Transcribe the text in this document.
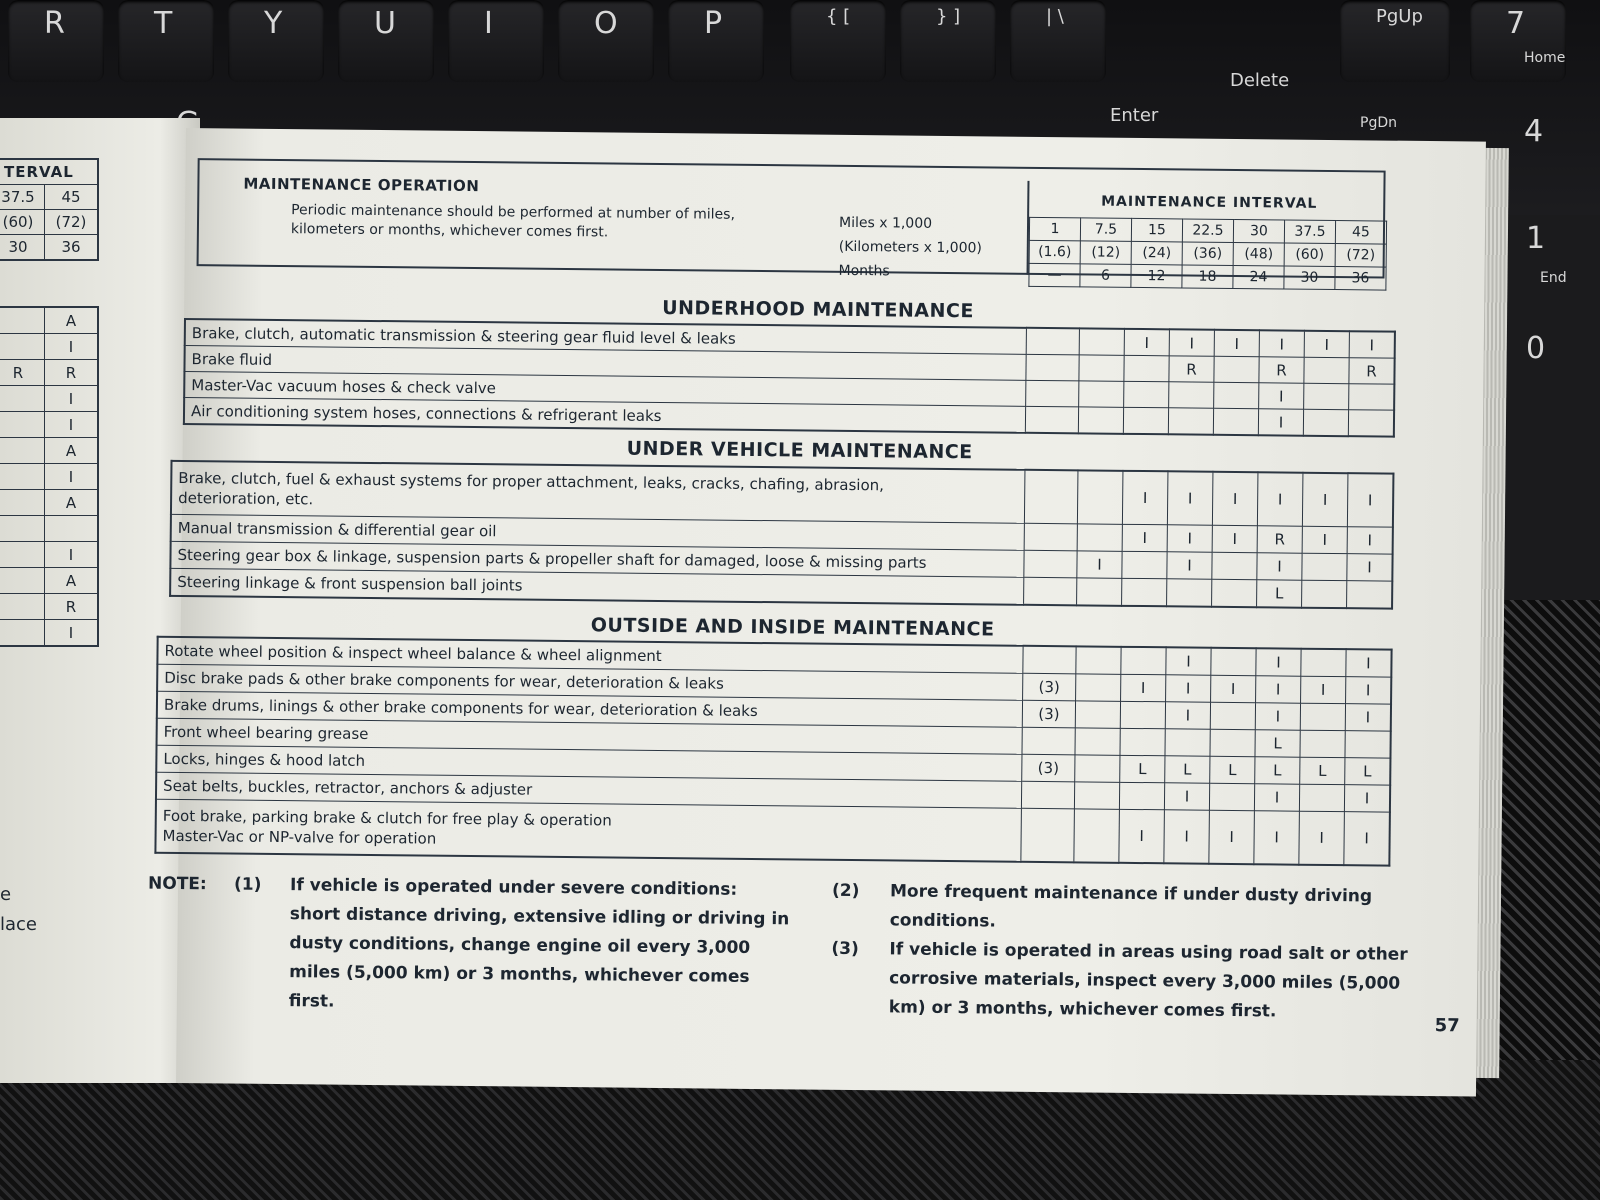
R	T	Y	U	I	O	P	{ [	} ]	| \	PgUp	7
Home
Delete
Enter	PgDn	4
1
End
0
TERVAL	
37.5	45
(60)	(72)
30	36
	A
	I
R	R
	I
	I
	A
	I
	A

	I
	A
	R
	I
e
lace
MAINTENANCE OPERATION
Periodic maintenance should be performed at number of miles, kilometers or months, whichever comes first.	Miles x 1,000
(Kilometers x 1,000)
Months
MAINTENANCE INTERVAL
1	7.5	15	22.5	30	37.5	45
(1.6)	(12)	(24)	(36)	(48)	(60)	(72)
—	6	12	18	24	30	36
UNDERHOOD MAINTENANCE
Brake, clutch, automatic transmission & steering gear fluid level & leaks			I	I	I	I	I	I

Brake fluid				R		R		R

Master-Vac vacuum hoses & check valve						I		

Air conditioning system hoses, connections & refrigerant leaks						I		
UNDER VEHICLE MAINTENANCE
Brake, clutch, fuel & exhaust systems for proper attachment, leaks, cracks, chafing, abrasion,
deterioration, etc.			I	I	I	I	I	I

Manual transmission & differential gear oil			I	I	I	R	I	I

Steering gear box & linkage, suspension parts & propeller shaft for damaged, loose & missing parts		I		I		I		I

Steering linkage & front suspension ball joints						L		
OUTSIDE AND INSIDE MAINTENANCE
Rotate wheel position & inspect wheel balance & wheel alignment				I		I		I

Disc brake pads & other brake components for wear, deterioration & leaks	(3)		I	I	I	I	I	I

Brake drums, linings & other brake components for wear, deterioration & leaks	(3)			I		I		I

Front wheel bearing grease						L		

Locks, hinges & hood latch	(3)		L	L	L	L	L	L

Seat belts, buckles, retractor, anchors & adjuster				I		I		I

Foot brake, parking brake & clutch for free play & operation
Master-Vac or NP-valve for operation			I	I	I	I	I	I
NOTE: (1) If vehicle is operated under severe conditions:
short distance driving, extensive idling or driving in
dusty conditions, change engine oil every 3,000
miles (5,000 km) or 3 months, whichever comes
first.
(2) More frequent maintenance if under dusty driving
conditions.
(3) If vehicle is operated in areas using road salt or other
corrosive materials, inspect every 3,000 miles (5,000
km) or 3 months, whichever comes first.
57
